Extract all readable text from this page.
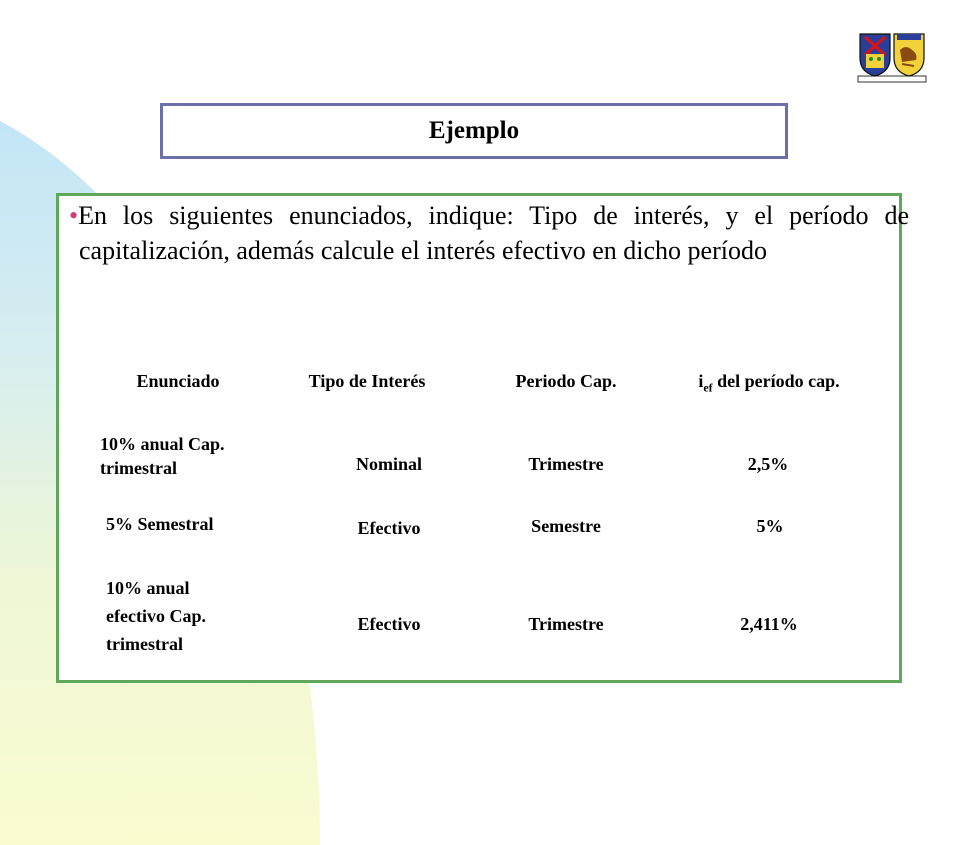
Ejemplo
•En los siguientes enunciados, indique: Tipo de interés, y el período de capitalización, además calcule el interés efectivo en dicho período
Enunciado	Tipo de Interés	Periodo Cap.	$i_{ef}$ del período cap.
10% anual Cap.
trimestral	Nominal	Trimestre	2,5%
5% Semestral	Efectivo	Semestre	5%
10% anual
efectivo Cap.
trimestral
Efectivo	Trimestre	2,411%
